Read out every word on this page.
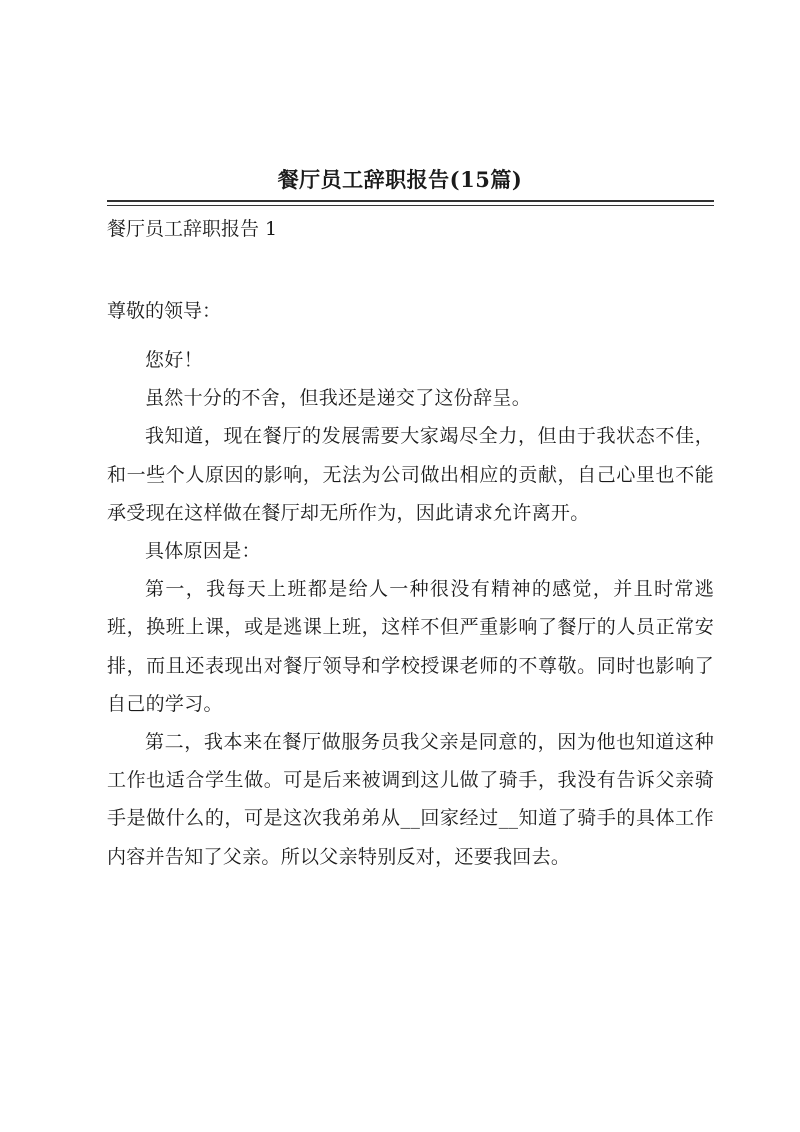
餐厅员工辞职报告(15篇)
餐厅员工辞职报告 1

尊敬的领导：

您好！

虽然十分的不舍，但我还是递交了这份辞呈。

我知道，现在餐厅的发展需要大家竭尽全力，但由于我状态不佳，和一些个人原因的影响，无法为公司做出相应的贡献，自己心里也不能承受现在这样做在餐厅却无所作为，因此请求允许离开。

具体原因是：

第一，我每天上班都是给人一种很没有精神的感觉，并且时常逃班，换班上课，或是逃课上班，这样不但严重影响了餐厅的人员正常安排，而且还表现出对餐厅领导和学校授课老师的不尊敬。同时也影响了自己的学习。

第二，我本来在餐厅做服务员我父亲是同意的，因为他也知道这种工作也适合学生做。可是后来被调到这儿做了骑手，我没有告诉父亲骑手是做什么的，可是这次我弟弟从__回家经过__知道了骑手的具体工作内容并告知了父亲。所以父亲特别反对，还要我回去。
